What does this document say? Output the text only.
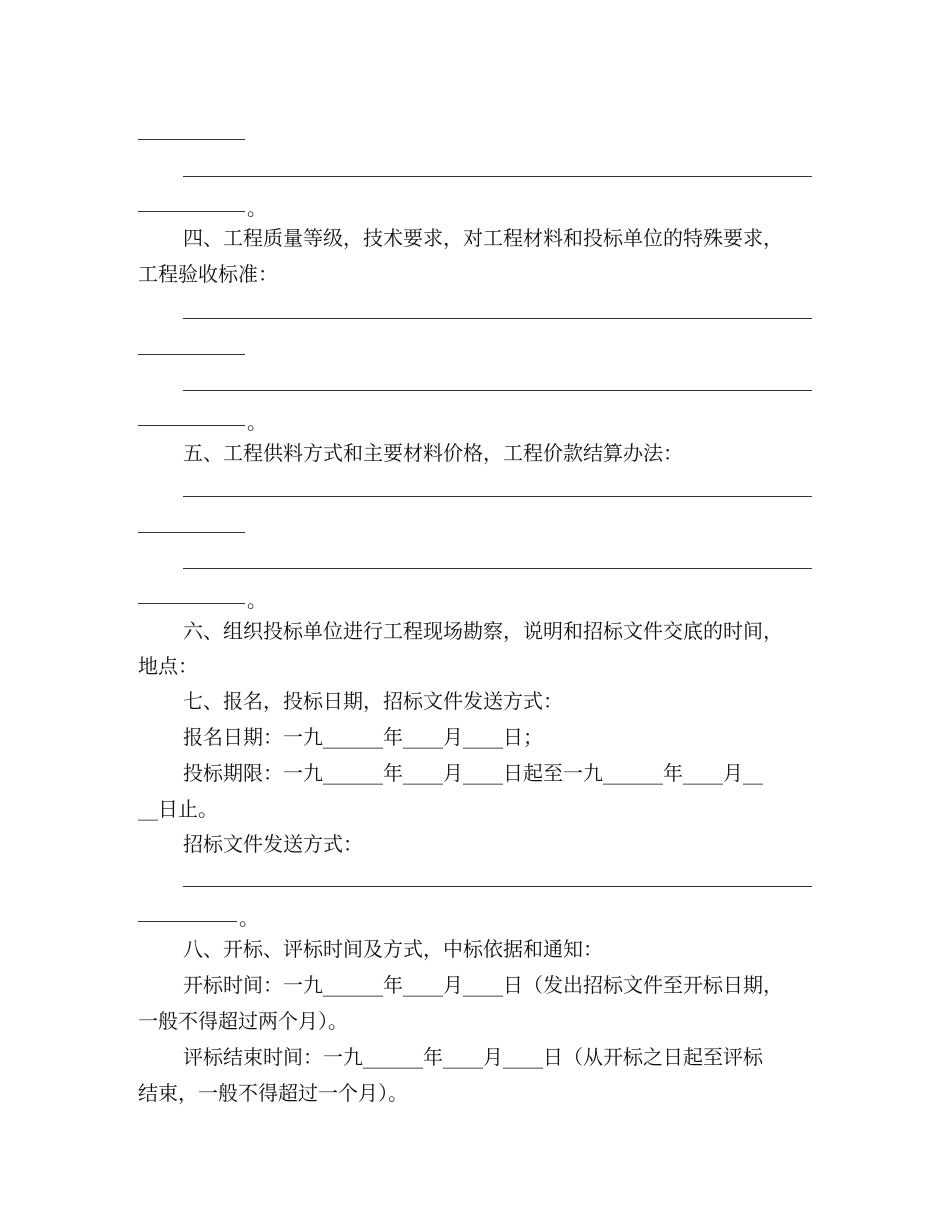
。

四、工程质量等级，技术要求，对工程材料和投标单位的特殊要求，

工程验收标准：

。

五、工程供料方式和主要材料价格，工程价款结算办法：

。

六、组织投标单位进行工程现场勘察，说明和招标文件交底的时间，

地点：

七、报名，投标日期，招标文件发送方式：

报名日期：一九______年____月____日；

投标期限：一九______年____月____日起至一九______年____月__

__日止。

招标文件发送方式：

。

八、开标、评标时间及方式，中标依据和通知：

开标时间：一九______年____月____日（发出招标文件至开标日期，

一般不得超过两个月）。

评标结束时间：一九______年____月____日（从开标之日起至评标

结束，一般不得超过一个月）。
